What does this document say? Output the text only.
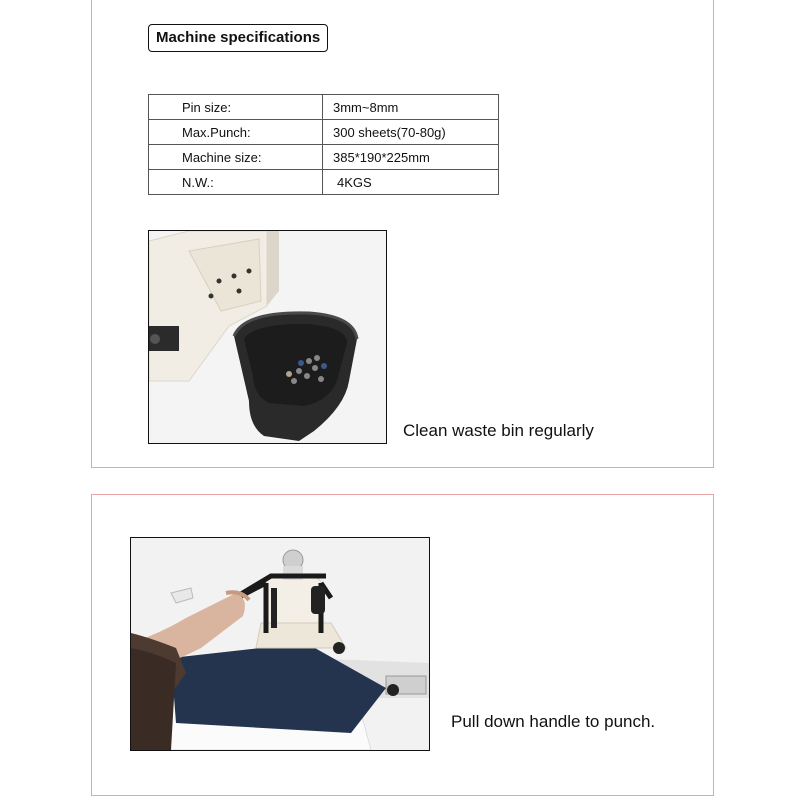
Machine specifications
Pin size:	3mm~8mm
Max.Punch:	300 sheets(70-80g)
Machine size:	385*190*225mm
N.W.:	4KGS
Clean waste bin regularly
Pull down handle to punch.
